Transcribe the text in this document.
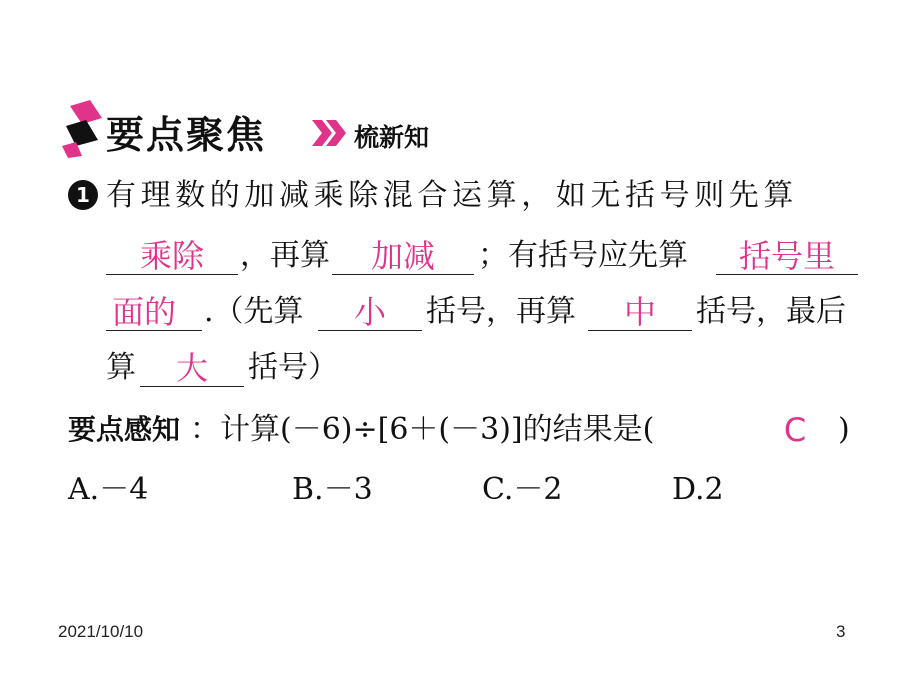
要点聚焦	梳新知
1 有理数的加减乘除混合运算，如无括号则先算
乘除	，再算	加减	；有括号应先算	括号里
面的 .（先算	小	括号，再算	中	括号，最后
算	大	括号）
要点感知 ：计算(－6)÷[6＋(－3)]的结果是(	C	)
A.－4	B.－3	C.－2	D.2
2021/10/10	3
